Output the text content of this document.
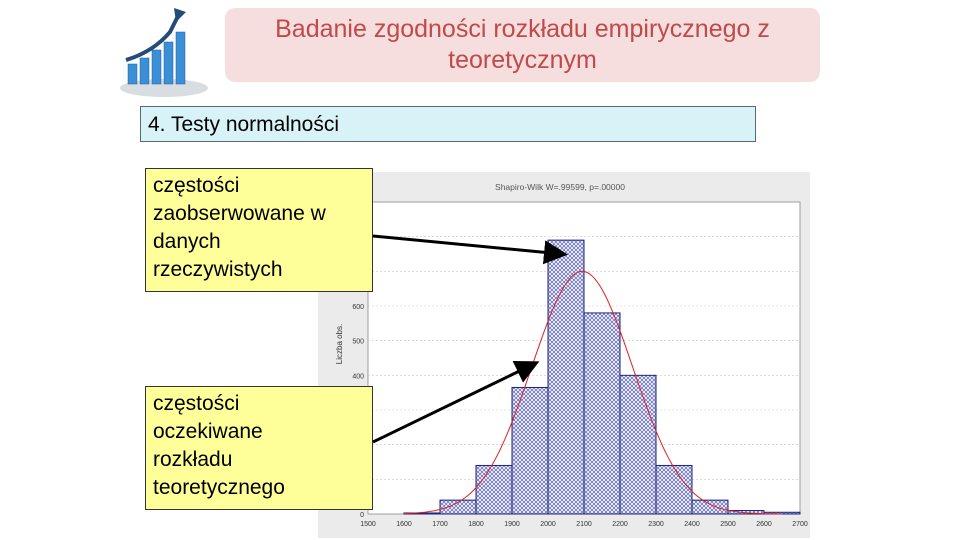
Badanie zgodności rozkładu empirycznego z
teoretycznym
4. Testy normalności
Shapiro-Wilk W=.99599, p=.00000
1500	1600	1700	1800	1900	2000	2100	2200	2300	2400	2500	2600	2700
0
400
500
600
Liczba obs.
częstości
zaobserwowane w
danych
rzeczywistych
częstości
oczekiwane
rozkładu
teoretycznego
